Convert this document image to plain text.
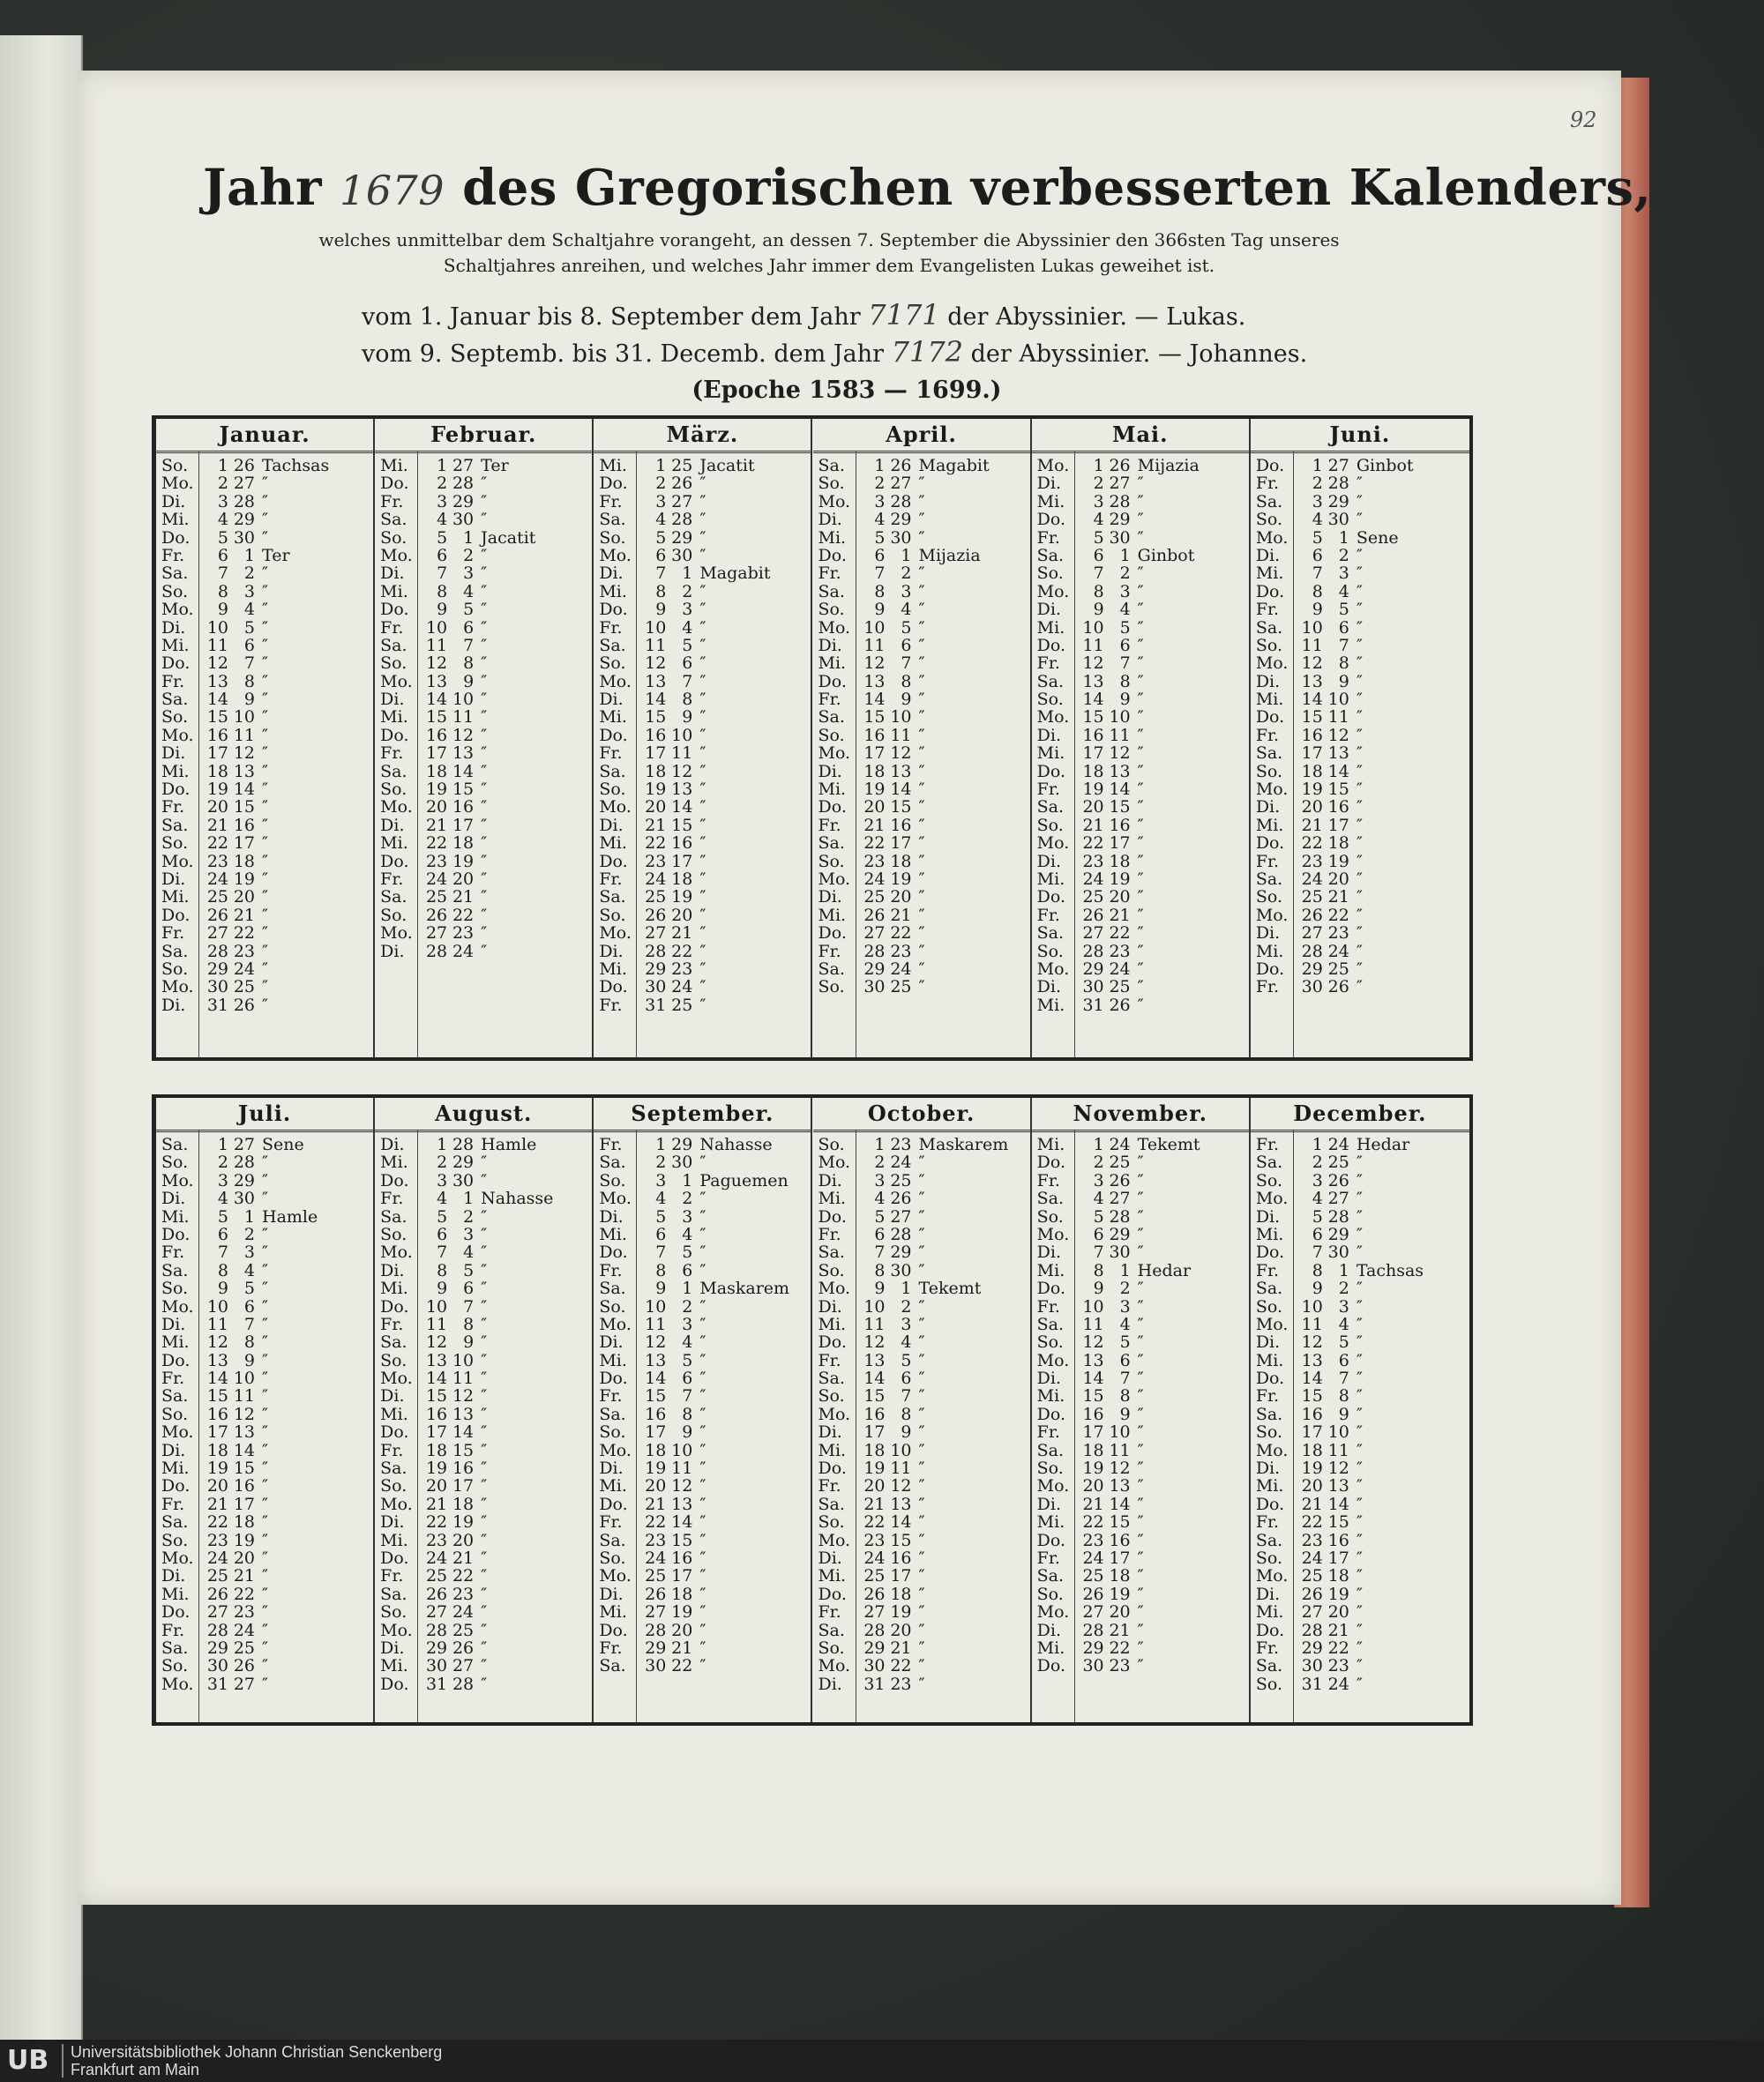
92
Jahr 1679 des Gregorischen verbesserten Kalenders,
welches unmittelbar dem Schaltjahre vorangeht, an dessen 7. September die Abyssinier den 366sten Tag unseres Schaltjahres anreihen, und welches Jahr immer dem Evangelisten Lukas geweihet ist.
vom 1. Januar bis 8. September dem Jahr 7171 der Abyssinier. — Lukas.
vom 9. Septemb. bis 31. Decemb. dem Jahr 7172 der Abyssinier. — Johannes.
(Epoche 1583 — 1699.)
Januar.
So.	1 26 Tachsas
Mo.	2 27 ″
Di.	3 28 ″
Mi.	4 29 ″
Do.	5 30 ″
Fr.	6 1 Ter
Sa.	7 2 ″
So.	8 3 ″
Mo.	9 4 ″
Di. 10 5 ″
Mi. 11 6 ″
Do. 12 7 ″
Fr. 13 8 ″
Sa. 14 9 ″
So. 15 10 ″
Mo. 16 11 ″
Di. 17 12 ″
Mi. 18 13 ″
Do. 19 14 ″
Fr. 20 15 ″
Sa. 21 16 ″
So. 22 17 ″
Mo. 23 18 ″
Di. 24 19 ″
Mi. 25 20 ″
Do. 26 21 ″
Fr. 27 22 ″
Sa. 28 23 ″
So. 29 24 ″
Mo. 30 25 ″
Di. 31 26 ″
Februar.
Mi.	1 27 Ter
Do.	2 28 ″
Fr.	3 29 ″
Sa.	4 30 ″
So.	5 1 Jacatit
Mo.	6 2 ″
Di.	7 3 ″
Mi.	8 4 ″
Do.	9 5 ″
Fr. 10 6 ″
Sa. 11 7 ″
So. 12 8 ″
Mo. 13 9 ″
Di. 14 10 ″
Mi. 15 11 ″
Do. 16 12 ″
Fr. 17 13 ″
Sa. 18 14 ″
So. 19 15 ″
Mo. 20 16 ″
Di. 21 17 ″
Mi. 22 18 ″
Do. 23 19 ″
Fr. 24 20 ″
Sa. 25 21 ″
So. 26 22 ″
Mo. 27 23 ″
Di. 28 24 ″
März.
Mi.	1 25 Jacatit
Do.	2 26 ″
Fr.	3 27 ″
Sa.	4 28 ″
So.	5 29 ″
Mo.	6 30 ″
Di.	7 1 Magabit
Mi.	8 2 ″
Do.	9 3 ″
Fr. 10 4 ″
Sa. 11 5 ″
So. 12 6 ″
Mo. 13 7 ″
Di. 14 8 ″
Mi. 15 9 ″
Do. 16 10 ″
Fr. 17 11 ″
Sa. 18 12 ″
So. 19 13 ″
Mo. 20 14 ″
Di. 21 15 ″
Mi. 22 16 ″
Do. 23 17 ″
Fr. 24 18 ″
Sa. 25 19 ″
So. 26 20 ″
Mo. 27 21 ″
Di. 28 22 ″
Mi. 29 23 ″
Do. 30 24 ″
Fr. 31 25 ″
April.
Sa.	1 26 Magabit
So.	2 27 ″
Mo.	3 28 ″
Di.	4 29 ″
Mi.	5 30 ″
Do.	6 1 Mijazia
Fr.	7 2 ″
Sa.	8 3 ″
So.	9 4 ″
Mo. 10 5 ″
Di. 11 6 ″
Mi. 12 7 ″
Do. 13 8 ″
Fr. 14 9 ″
Sa. 15 10 ″
So. 16 11 ″
Mo. 17 12 ″
Di. 18 13 ″
Mi. 19 14 ″
Do. 20 15 ″
Fr. 21 16 ″
Sa. 22 17 ″
So. 23 18 ″
Mo. 24 19 ″
Di. 25 20 ″
Mi. 26 21 ″
Do. 27 22 ″
Fr. 28 23 ″
Sa. 29 24 ″
So. 30 25 ″
Mai.
Mo.	1 26 Mijazia
Di.	2 27 ″
Mi.	3 28 ″
Do.	4 29 ″
Fr.	5 30 ″
Sa.	6 1 Ginbot
So.	7 2 ″
Mo.	8 3 ″
Di.	9 4 ″
Mi. 10 5 ″
Do. 11 6 ″
Fr. 12 7 ″
Sa. 13 8 ″
So. 14 9 ″
Mo. 15 10 ″
Di. 16 11 ″
Mi. 17 12 ″
Do. 18 13 ″
Fr. 19 14 ″
Sa. 20 15 ″
So. 21 16 ″
Mo. 22 17 ″
Di. 23 18 ″
Mi. 24 19 ″
Do. 25 20 ″
Fr. 26 21 ″
Sa. 27 22 ″
So. 28 23 ″
Mo. 29 24 ″
Di. 30 25 ″
Mi. 31 26 ″
Juni.
Do.	1 27 Ginbot
Fr.	2 28 ″
Sa.	3 29 ″
So.	4 30 ″
Mo.	5 1 Sene
Di.	6 2 ″
Mi.	7 3 ″
Do.	8 4 ″
Fr.	9 5 ″
Sa. 10 6 ″
So. 11 7 ″
Mo. 12 8 ″
Di. 13 9 ″
Mi. 14 10 ″
Do. 15 11 ″
Fr. 16 12 ″
Sa. 17 13 ″
So. 18 14 ″
Mo. 19 15 ″
Di. 20 16 ″
Mi. 21 17 ″
Do. 22 18 ″
Fr. 23 19 ″
Sa. 24 20 ″
So. 25 21 ″
Mo. 26 22 ″
Di. 27 23 ″
Mi. 28 24 ″
Do. 29 25 ″
Fr. 30 26 ″
Juli.
Sa.	1 27 Sene
So.	2 28 ″
Mo.	3 29 ″
Di.	4 30 ″
Mi.	5 1 Hamle
Do.	6 2 ″
Fr.	7 3 ″
Sa.	8 4 ″
So.	9 5 ″
Mo. 10 6 ″
Di. 11 7 ″
Mi. 12 8 ″
Do. 13 9 ″
Fr. 14 10 ″
Sa. 15 11 ″
So. 16 12 ″
Mo. 17 13 ″
Di. 18 14 ″
Mi. 19 15 ″
Do. 20 16 ″
Fr. 21 17 ″
Sa. 22 18 ″
So. 23 19 ″
Mo. 24 20 ″
Di. 25 21 ″
Mi. 26 22 ″
Do. 27 23 ″
Fr. 28 24 ″
Sa. 29 25 ″
So. 30 26 ″
Mo. 31 27 ″
August.
Di.	1 28 Hamle
Mi.	2 29 ″
Do.	3 30 ″
Fr.	4 1 Nahasse
Sa.	5 2 ″
So.	6 3 ″
Mo.	7 4 ″
Di.	8 5 ″
Mi.	9 6 ″
Do. 10 7 ″
Fr. 11 8 ″
Sa. 12 9 ″
So. 13 10 ″
Mo. 14 11 ″
Di. 15 12 ″
Mi. 16 13 ″
Do. 17 14 ″
Fr. 18 15 ″
Sa. 19 16 ″
So. 20 17 ″
Mo. 21 18 ″
Di. 22 19 ″
Mi. 23 20 ″
Do. 24 21 ″
Fr. 25 22 ″
Sa. 26 23 ″
So. 27 24 ″
Mo. 28 25 ″
Di. 29 26 ″
Mi. 30 27 ″
Do. 31 28 ″
September.
Fr.	1 29 Nahasse
Sa.	2 30 ″
So.	3 1 Paguemen
Mo.	4 2 ″
Di.	5 3 ″
Mi.	6 4 ″
Do.	7 5 ″
Fr.	8 6 ″
Sa.	9 1 Maskarem
So. 10 2 ″
Mo. 11 3 ″
Di. 12 4 ″
Mi. 13 5 ″
Do. 14 6 ″
Fr. 15 7 ″
Sa. 16 8 ″
So. 17 9 ″
Mo. 18 10 ″
Di. 19 11 ″
Mi. 20 12 ″
Do. 21 13 ″
Fr. 22 14 ″
Sa. 23 15 ″
So. 24 16 ″
Mo. 25 17 ″
Di. 26 18 ″
Mi. 27 19 ″
Do. 28 20 ″
Fr. 29 21 ″
Sa. 30 22 ″
October.
So.	1 23 Maskarem
Mo.	2 24 ″
Di.	3 25 ″
Mi.	4 26 ″
Do.	5 27 ″
Fr.	6 28 ″
Sa.	7 29 ″
So.	8 30 ″
Mo.	9 1 Tekemt
Di. 10 2 ″
Mi. 11 3 ″
Do. 12 4 ″
Fr. 13 5 ″
Sa. 14 6 ″
So. 15 7 ″
Mo. 16 8 ″
Di. 17 9 ″
Mi. 18 10 ″
Do. 19 11 ″
Fr. 20 12 ″
Sa. 21 13 ″
So. 22 14 ″
Mo. 23 15 ″
Di. 24 16 ″
Mi. 25 17 ″
Do. 26 18 ″
Fr. 27 19 ″
Sa. 28 20 ″
So. 29 21 ″
Mo. 30 22 ″
Di. 31 23 ″
November.
Mi.	1 24 Tekemt
Do.	2 25 ″
Fr.	3 26 ″
Sa.	4 27 ″
So.	5 28 ″
Mo.	6 29 ″
Di.	7 30 ″
Mi.	8 1 Hedar
Do.	9 2 ″
Fr. 10 3 ″
Sa. 11 4 ″
So. 12 5 ″
Mo. 13 6 ″
Di. 14 7 ″
Mi. 15 8 ″
Do. 16 9 ″
Fr. 17 10 ″
Sa. 18 11 ″
So. 19 12 ″
Mo. 20 13 ″
Di. 21 14 ″
Mi. 22 15 ″
Do. 23 16 ″
Fr. 24 17 ″
Sa. 25 18 ″
So. 26 19 ″
Mo. 27 20 ″
Di. 28 21 ″
Mi. 29 22 ″
Do. 30 23 ″
December.
Fr.	1 24 Hedar
Sa.	2 25 ″
So.	3 26 ″
Mo.	4 27 ″
Di.	5 28 ″
Mi.	6 29 ″
Do.	7 30 ″
Fr.	8 1 Tachsas
Sa.	9 2 ″
So. 10 3 ″
Mo. 11 4 ″
Di. 12 5 ″
Mi. 13 6 ″
Do. 14 7 ″
Fr. 15 8 ″
Sa. 16 9 ″
So. 17 10 ″
Mo. 18 11 ″
Di. 19 12 ″
Mi. 20 13 ″
Do. 21 14 ″
Fr. 22 15 ″
Sa. 23 16 ″
So. 24 17 ″
Mo. 25 18 ″
Di. 26 19 ″
Mi. 27 20 ″
Do. 28 21 ″
Fr. 29 22 ″
Sa. 30 23 ″
So. 31 24 ″
UB	Universitätsbibliothek Johann Christian Senckenberg
Frankfurt am Main
